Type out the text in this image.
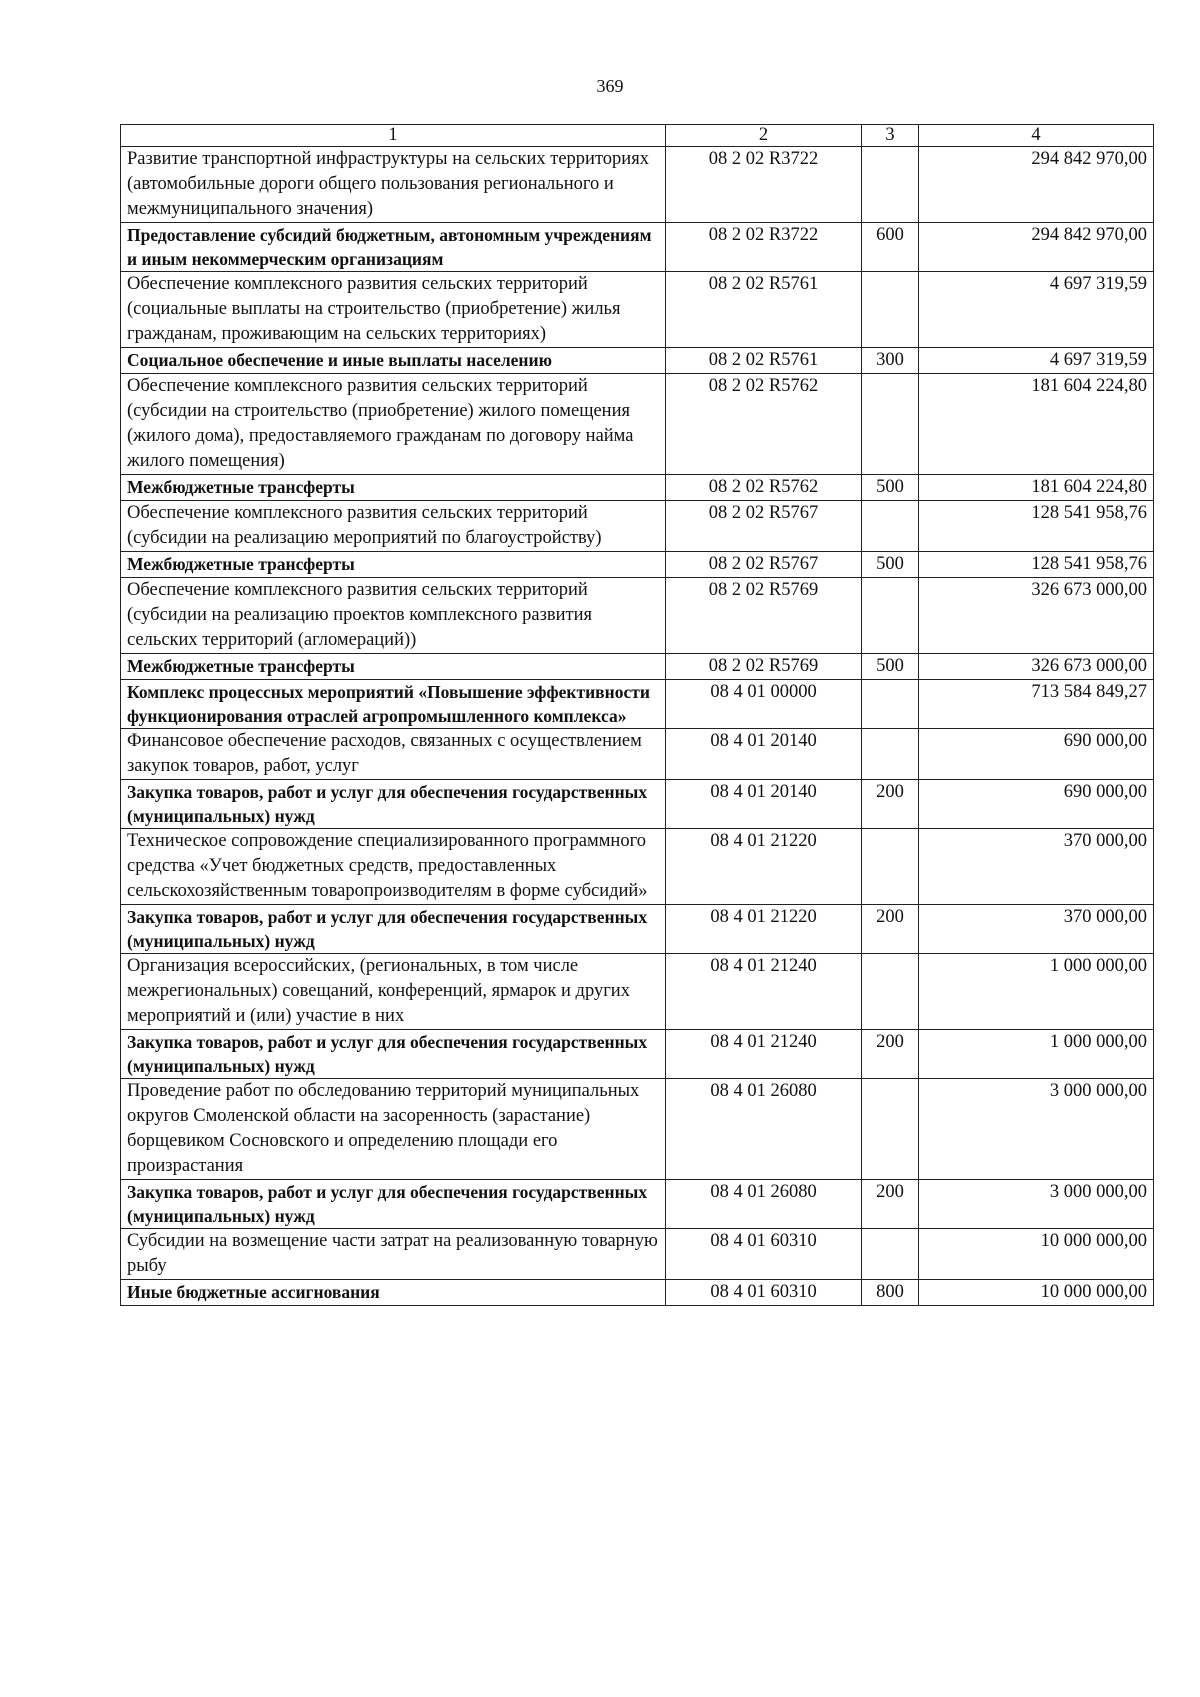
369
1	2	3	4
Развитие транспортной инфраструктуры на сельских территориях (автомобильные дороги общего пользования регионального и межмуниципального значения)	08 2 02 R3722		294 842 970,00
Предоставление субсидий бюджетным, автономным учреждениям и иным некоммерческим организациям	08 2 02 R3722	600	294 842 970,00
Обеспечение комплексного развития сельских территорий (социальные выплаты на строительство (приобретение) жилья гражданам, проживающим на сельских территориях)	08 2 02 R5761		4 697 319,59
Социальное обеспечение и иные выплаты населению	08 2 02 R5761	300	4 697 319,59
Обеспечение комплексного развития сельских территорий (субсидии на строительство (приобретение) жилого помещения (жилого дома), предоставляемого гражданам по договору найма жилого помещения)	08 2 02 R5762		181 604 224,80
Межбюджетные трансферты	08 2 02 R5762	500	181 604 224,80
Обеспечение комплексного развития сельских территорий (субсидии на реализацию мероприятий по благоустройству)	08 2 02 R5767		128 541 958,76
Межбюджетные трансферты	08 2 02 R5767	500	128 541 958,76
Обеспечение комплексного развития сельских территорий (субсидии на реализацию проектов комплексного развития сельских территорий (агломераций))	08 2 02 R5769		326 673 000,00
Межбюджетные трансферты	08 2 02 R5769	500	326 673 000,00
Комплекс процессных мероприятий «Повышение эффективности функционирования отраслей агропромышленного комплекса»	08 4 01 00000		713 584 849,27
Финансовое обеспечение расходов, связанных с осуществлением закупок товаров, работ, услуг	08 4 01 20140		690 000,00
Закупка товаров, работ и услуг для обеспечения государственных (муниципальных) нужд	08 4 01 20140	200	690 000,00
Техническое сопровождение специализированного программного средства «Учет бюджетных средств, предоставленных сельскохозяйственным товаропроизводителям в форме субсидий»	08 4 01 21220		370 000,00
Закупка товаров, работ и услуг для обеспечения государственных (муниципальных) нужд	08 4 01 21220	200	370 000,00
Организация всероссийских, (региональных, в том числе межрегиональных) совещаний, конференций, ярмарок и других мероприятий и (или) участие в них	08 4 01 21240		1 000 000,00
Закупка товаров, работ и услуг для обеспечения государственных (муниципальных) нужд	08 4 01 21240	200	1 000 000,00
Проведение работ по обследованию территорий муниципальных округов Смоленской области на засоренность (зарастание) борщевиком Сосновского и определению площади его произрастания	08 4 01 26080		3 000 000,00
Закупка товаров, работ и услуг для обеспечения государственных (муниципальных) нужд	08 4 01 26080	200	3 000 000,00
Субсидии на возмещение части затрат на реализованную товарную рыбу	08 4 01 60310		10 000 000,00
Иные бюджетные ассигнования	08 4 01 60310	800	10 000 000,00
